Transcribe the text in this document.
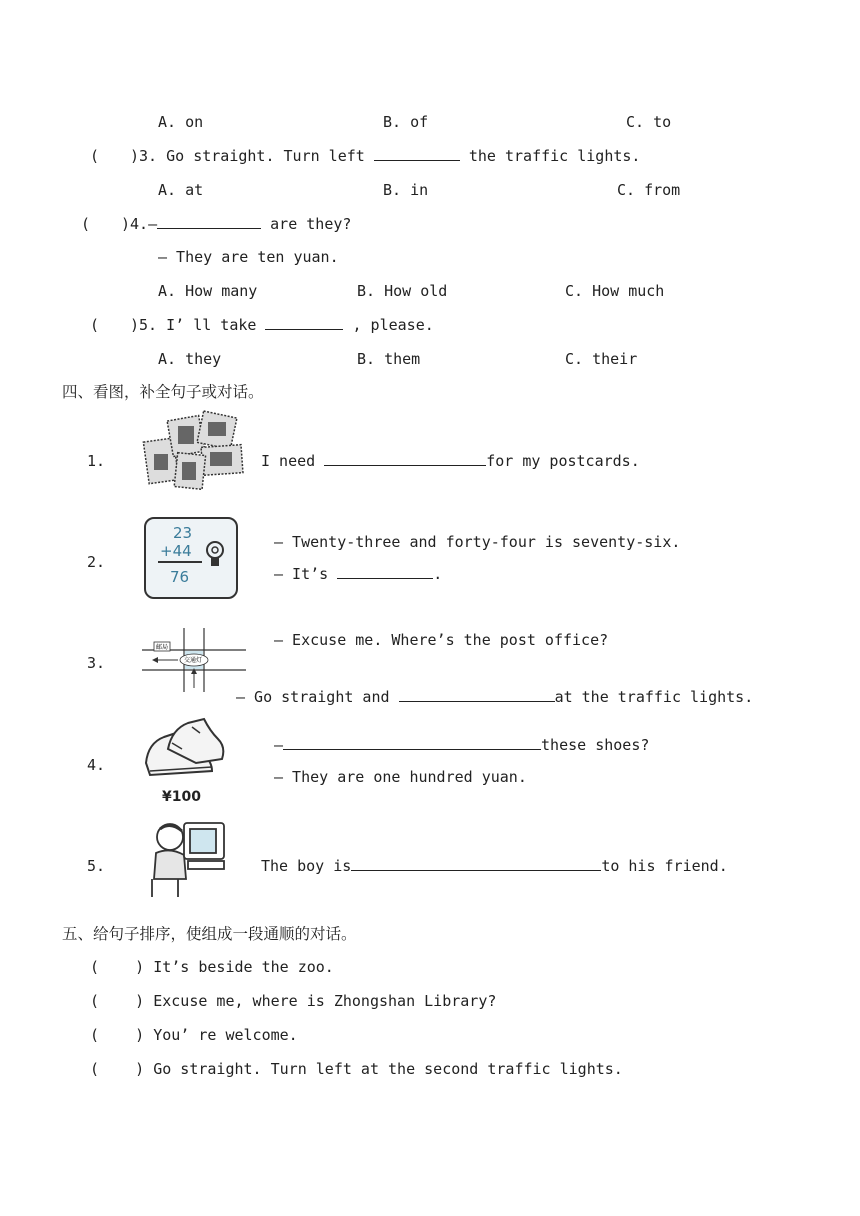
A. on	B. of	C. to
( )3. Go straight. Turn left	the traffic lights.
A. at	B. in	C. from
( )4.—	are they?
— They are ten yuan.
A. How many	B. How old	C. How much
( )5. I’ ll take	, please.
A. they	B. them	C. their
四、看图，补全句子或对话。
1.	I need	for my postcards.
2.
23
+44
76
— Twenty-three and forty-four is seventy-six.
— It’s	.
3.
邮局
交通灯
— Excuse me. Where’s the post office?
— Go straight and	at the traffic lights.
4.
¥100
—	these shoes?
— They are one hundred yuan.
5.	The boy is	to his friend.
五、给句子排序，使组成一段通顺的对话。
( ) It’s beside the zoo.
( ) Excuse me, where is Zhongshan Library?
( ) You’ re welcome.
( ) Go straight. Turn left at the second traffic lights.
